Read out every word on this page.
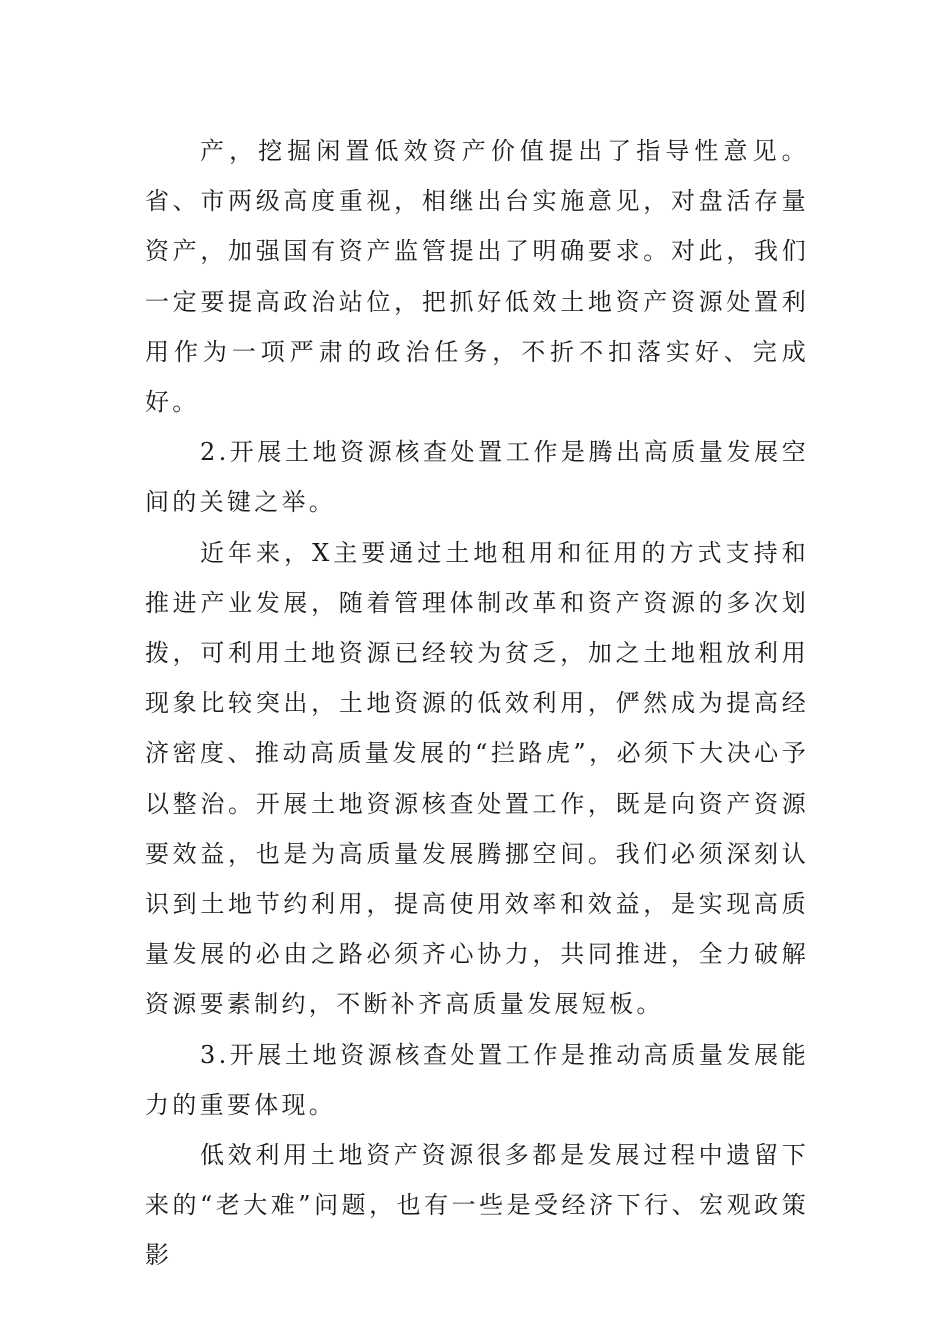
产，挖掘闲置低效资产价值提出了指导性意见。省、市两级高度重视，相继出台实施意见，对盘活存量资产，加强国有资产监管提出了明确要求。对此，我们一定要提高政治站位，把抓好低效土地资产资源处置利用作为一项严肃的政治任务，不折不扣落实好、完成好。

2.开展土地资源核查处置工作是腾出高质量发展空间的关键之举。

近年来，X主要通过土地租用和征用的方式支持和推进产业发展，随着管理体制改革和资产资源的多次划拨，可利用土地资源已经较为贫乏，加之土地粗放利用现象比较突出，土地资源的低效利用，俨然成为提高经济密度、推动高质量发展的“拦路虎”，必须下大决心予以整治。开展土地资源核查处置工作，既是向资产资源要效益，也是为高质量发展腾挪空间。我们必须深刻认识到土地节约利用，提高使用效率和效益，是实现高质量发展的必由之路必须齐心协力，共同推进，全力破解资源要素制约，不断补齐高质量发展短板。

3.开展土地资源核查处置工作是推动高质量发展能力的重要体现。

低效利用土地资产资源很多都是发展过程中遗留下来的“老大难”问题，也有一些是受经济下行、宏观政策影
